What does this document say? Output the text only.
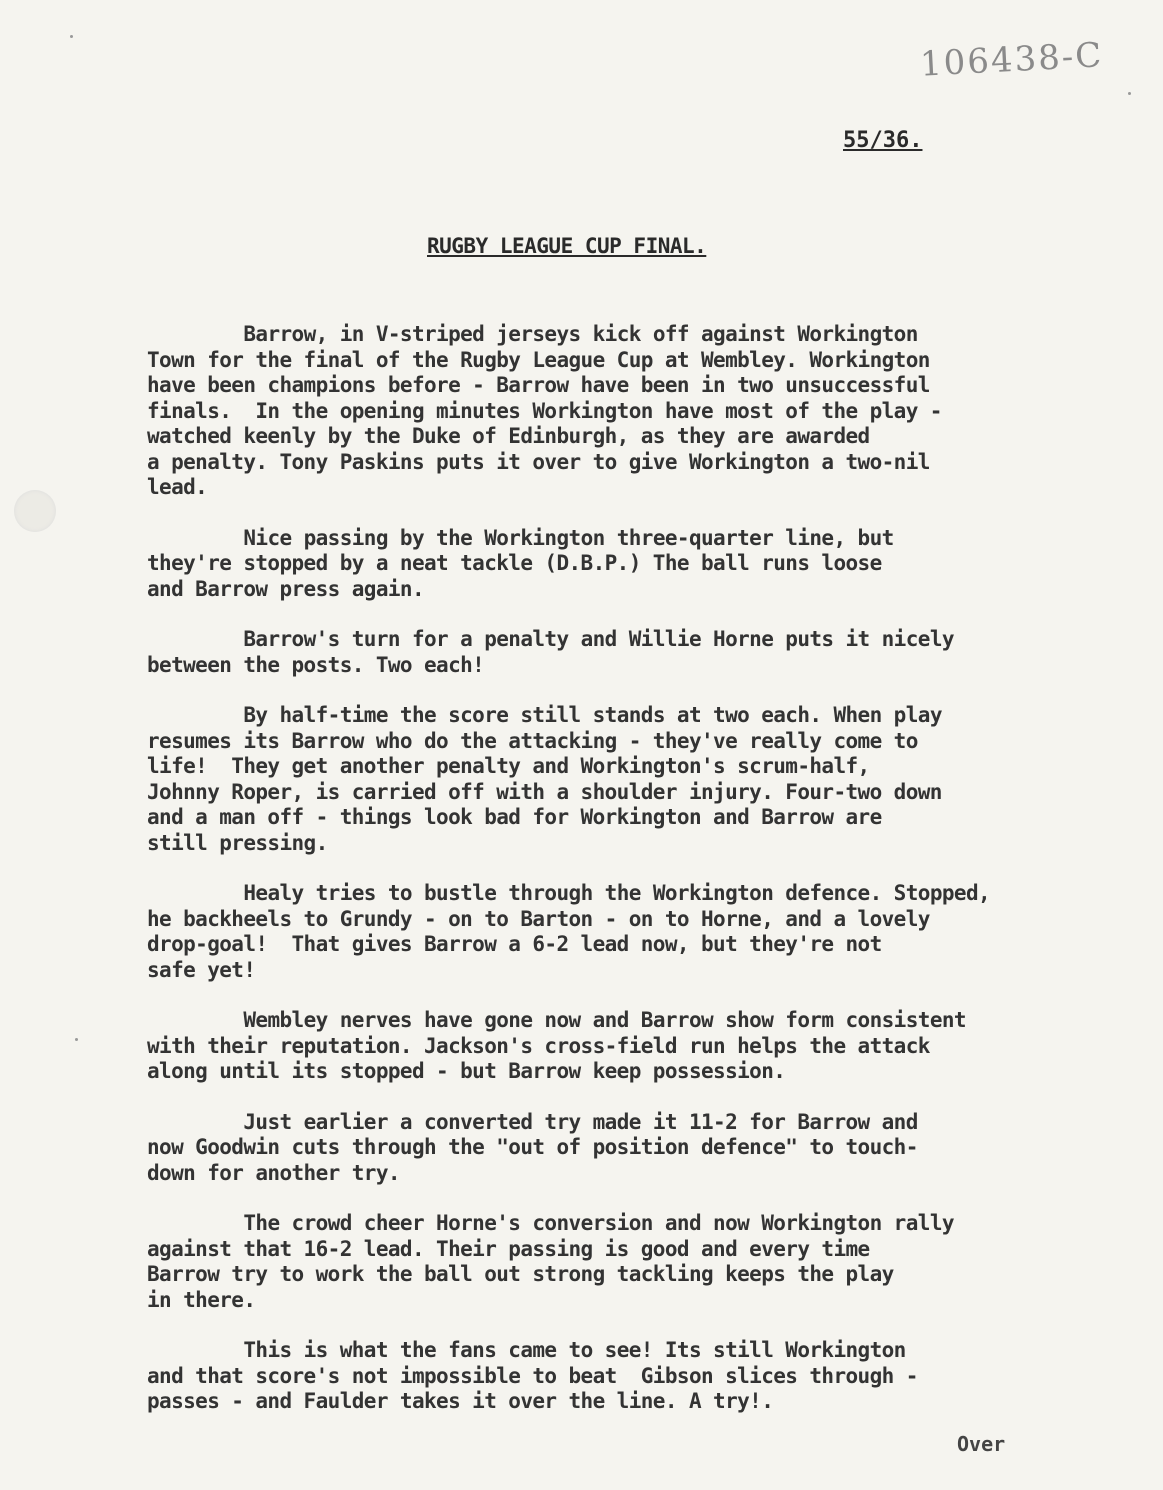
106438-C
55/36.
RUGBY LEAGUE CUP FINAL.

Barrow, in V-striped jerseys kick off against Workington
Town for the final of the Rugby League Cup at Wembley. Workington
have been champions before - Barrow have been in two unsuccessful
finals.  In the opening minutes Workington have most of the play -
watched keenly by the Duke of Edinburgh, as they are awarded
a penalty. Tony Paskins puts it over to give Workington a two-nil
lead.

Nice passing by the Workington three-quarter line, but
they're stopped by a neat tackle (D.B.P.) The ball runs loose
and Barrow press again.

Barrow's turn for a penalty and Willie Horne puts it nicely
between the posts. Two each!

By half-time the score still stands at two each. When play
resumes its Barrow who do the attacking - they've really come to
life!  They get another penalty and Workington's scrum-half,
Johnny Roper, is carried off with a shoulder injury. Four-two down
and a man off - things look bad for Workington and Barrow are
still pressing.

Healy tries to bustle through the Workington defence. Stopped,
he backheels to Grundy - on to Barton - on to Horne, and a lovely
drop-goal!  That gives Barrow a 6-2 lead now, but they're not
safe yet!

Wembley nerves have gone now and Barrow show form consistent
with their reputation. Jackson's cross-field run helps the attack
along until its stopped - but Barrow keep possession.

Just earlier a converted try made it 11-2 for Barrow and
now Goodwin cuts through the "out of position defence" to touch-
down for another try.

The crowd cheer Horne's conversion and now Workington rally
against that 16-2 lead. Their passing is good and every time
Barrow try to work the ball out strong tackling keeps the play
in there.

This is what the fans came to see! Its still Workington
and that score's not impossible to beat  Gibson slices through -
passes - and Faulder takes it over the line. A try!.

Over
